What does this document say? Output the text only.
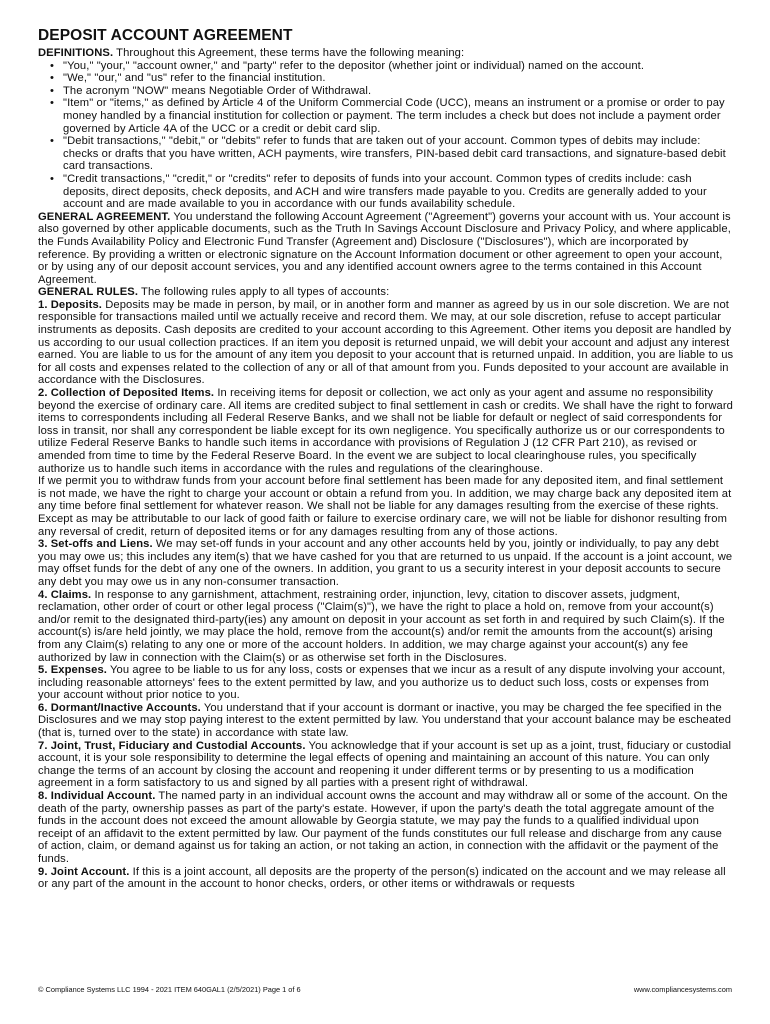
DEPOSIT ACCOUNT AGREEMENT

DEFINITIONS. Throughout this Agreement, these terms have the following meaning:

• "You," "your," "account owner," and "party" refer to the depositor (whether joint or individual) named on the account.
• "We," "our," and "us" refer to the financial institution.
• The acronym "NOW" means Negotiable Order of Withdrawal.
• "Item" or "items," as defined by Article 4 of the Uniform Commercial Code (UCC), means an instrument or a promise or order to pay money handled by a financial institution for collection or payment. The term includes a check but does not include a payment order governed by Article 4A of the UCC or a credit or debit card slip.
• "Debit transactions," "debit," or "debits" refer to funds that are taken out of your account. Common types of debits may include: checks or drafts that you have written, ACH payments, wire transfers, PIN-based debit card transactions, and signature-based debit card transactions.
• "Credit transactions," "credit," or "credits" refer to deposits of funds into your account. Common types of credits include: cash deposits, direct deposits, check deposits, and ACH and wire transfers made payable to you. Credits are generally added to your account and are made available to you in accordance with our funds availability schedule.

GENERAL AGREEMENT. You understand the following Account Agreement ("Agreement") governs your account with us. Your account is also governed by other applicable documents, such as the Truth In Savings Account Disclosure and Privacy Policy, and where applicable, the Funds Availability Policy and Electronic Fund Transfer (Agreement and) Disclosure ("Disclosures"), which are incorporated by reference. By providing a written or electronic signature on the Account Information document or other agreement to open your account, or by using any of our deposit account services, you and any identified account owners agree to the terms contained in this Account Agreement.

GENERAL RULES. The following rules apply to all types of accounts:

1. Deposits. Deposits may be made in person, by mail, or in another form and manner as agreed by us in our sole discretion. We are not responsible for transactions mailed until we actually receive and record them. We may, at our sole discretion, refuse to accept particular instruments as deposits. Cash deposits are credited to your account according to this Agreement. Other items you deposit are handled by us according to our usual collection practices. If an item you deposit is returned unpaid, we will debit your account and adjust any interest earned. You are liable to us for the amount of any item you deposit to your account that is returned unpaid. In addition, you are liable to us for all costs and expenses related to the collection of any or all of that amount from you. Funds deposited to your account are available in accordance with the Disclosures.

2. Collection of Deposited Items. In receiving items for deposit or collection, we act only as your agent and assume no responsibility beyond the exercise of ordinary care. All items are credited subject to final settlement in cash or credits. We shall have the right to forward items to correspondents including all Federal Reserve Banks, and we shall not be liable for default or neglect of said correspondents for loss in transit, nor shall any correspondent be liable except for its own negligence. You specifically authorize us or our correspondents to utilize Federal Reserve Banks to handle such items in accordance with provisions of Regulation J (12 CFR Part 210), as revised or amended from time to time by the Federal Reserve Board. In the event we are subject to local clearinghouse rules, you specifically authorize us to handle such items in accordance with the rules and regulations of the clearinghouse.

If we permit you to withdraw funds from your account before final settlement has been made for any deposited item, and final settlement is not made, we have the right to charge your account or obtain a refund from you. In addition, we may charge back any deposited item at any time before final settlement for whatever reason. We shall not be liable for any damages resulting from the exercise of these rights. Except as may be attributable to our lack of good faith or failure to exercise ordinary care, we will not be liable for dishonor resulting from any reversal of credit, return of deposited items or for any damages resulting from any of those actions.

3. Set-offs and Liens. We may set-off funds in your account and any other accounts held by you, jointly or individually, to pay any debt you may owe us; this includes any item(s) that we have cashed for you that are returned to us unpaid. If the account is a joint account, we may offset funds for the debt of any one of the owners. In addition, you grant to us a security interest in your deposit accounts to secure any debt you may owe us in any non-consumer transaction.

4. Claims. In response to any garnishment, attachment, restraining order, injunction, levy, citation to discover assets, judgment, reclamation, other order of court or other legal process ("Claim(s)"), we have the right to place a hold on, remove from your account(s) and/or remit to the designated third-party(ies) any amount on deposit in your account as set forth in and required by such Claim(s). If the account(s) is/are held jointly, we may place the hold, remove from the account(s) and/or remit the amounts from the account(s) arising from any Claim(s) relating to any one or more of the account holders. In addition, we may charge against your account(s) any fee authorized by law in connection with the Claim(s) or as otherwise set forth in the Disclosures.

5. Expenses. You agree to be liable to us for any loss, costs or expenses that we incur as a result of any dispute involving your account, including reasonable attorneys' fees to the extent permitted by law, and you authorize us to deduct such loss, costs or expenses from your account without prior notice to you.

6. Dormant/Inactive Accounts. You understand that if your account is dormant or inactive, you may be charged the fee specified in the Disclosures and we may stop paying interest to the extent permitted by law. You understand that your account balance may be escheated (that is, turned over to the state) in accordance with state law.

7. Joint, Trust, Fiduciary and Custodial Accounts. You acknowledge that if your account is set up as a joint, trust, fiduciary or custodial account, it is your sole responsibility to determine the legal effects of opening and maintaining an account of this nature. You can only change the terms of an account by closing the account and reopening it under different terms or by presenting to us a modification agreement in a form satisfactory to us and signed by all parties with a present right of withdrawal.

8. Individual Account. The named party in an individual account owns the account and may withdraw all or some of the account. On the death of the party, ownership passes as part of the party's estate. However, if upon the party's death the total aggregate amount of the funds in the account does not exceed the amount allowable by Georgia statute, we may pay the funds to a qualified individual upon receipt of an affidavit to the extent permitted by law. Our payment of the funds constitutes our full release and discharge from any cause of action, claim, or demand against us for taking an action, or not taking an action, in connection with the affidavit or the payment of the funds.

9. Joint Account. If this is a joint account, all deposits are the property of the person(s) indicated on the account and we may release all or any part of the amount in the account to honor checks, orders, or other items or withdrawals or requests

© Compliance Systems LLC 1994 - 2021 ITEM 640GAL1 (2/5/2021) Page 1 of 6	www.compliancesystems.com
